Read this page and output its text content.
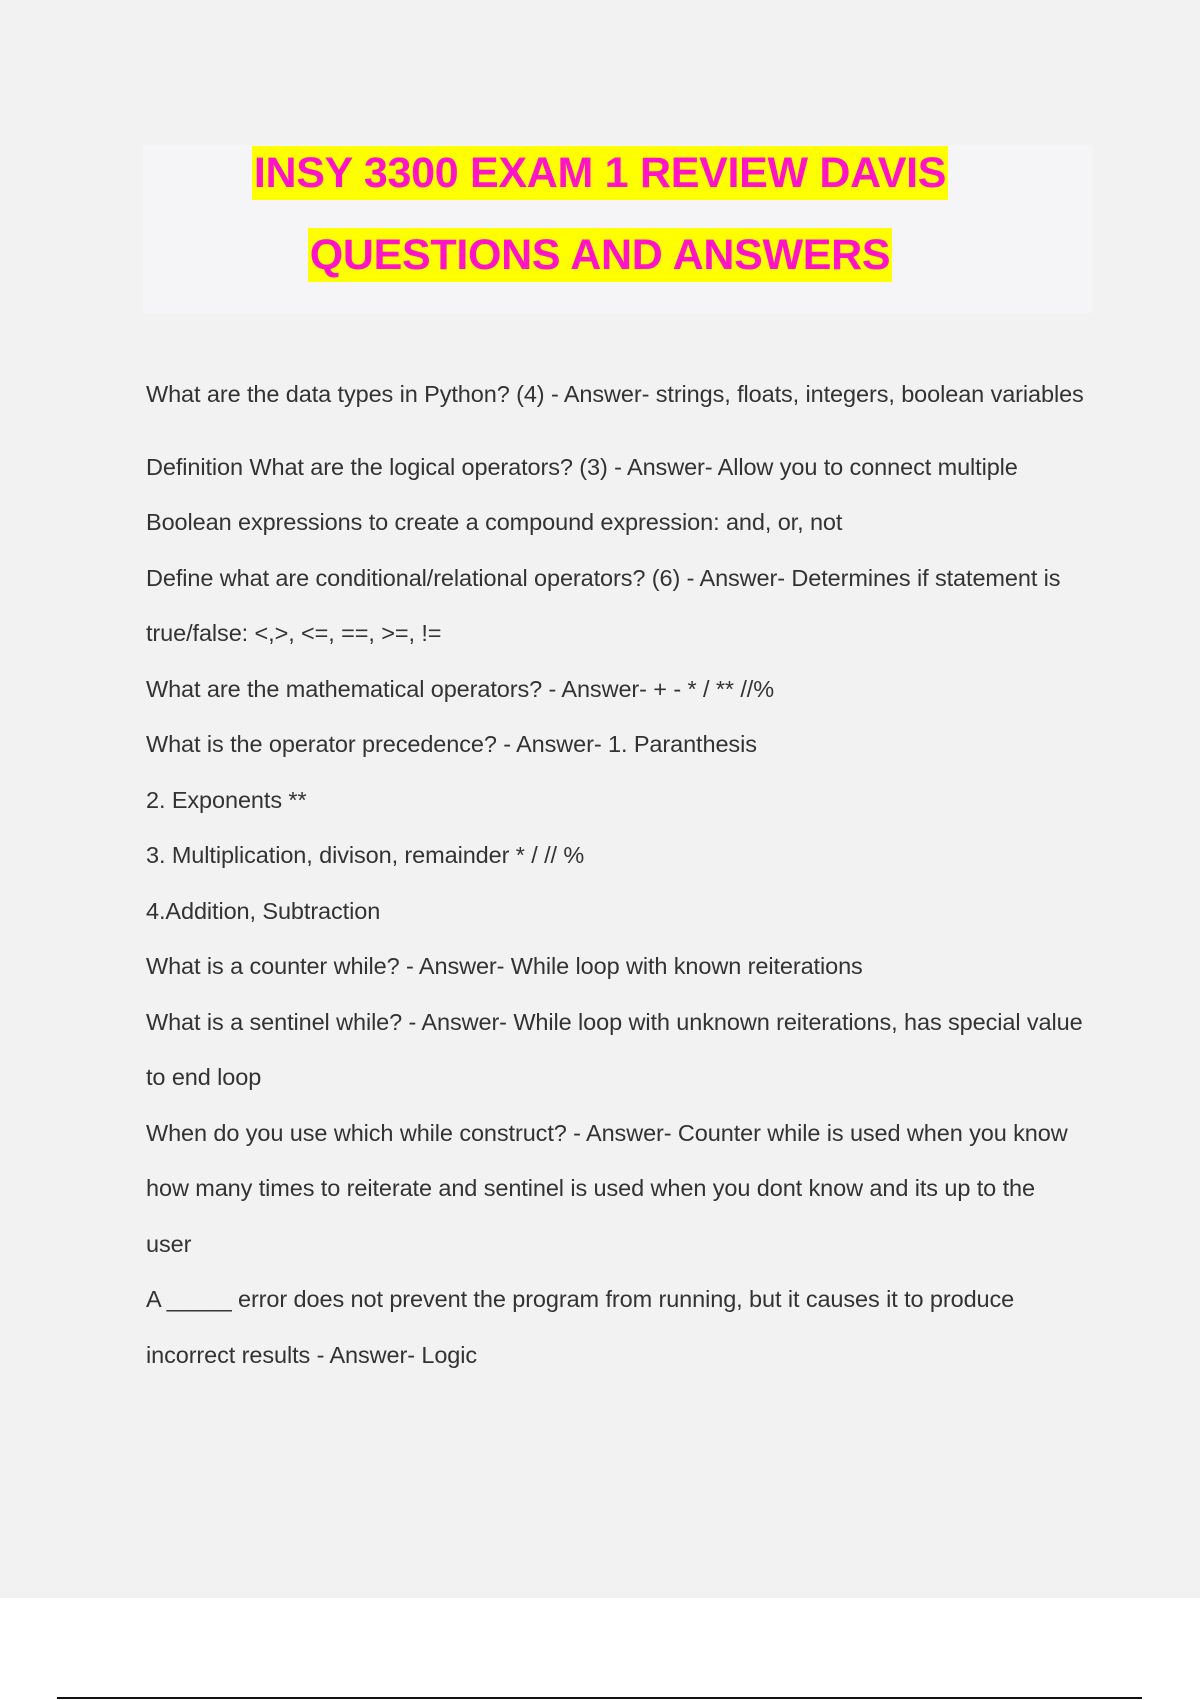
INSY 3300 EXAM 1 REVIEW DAVIS
QUESTIONS AND ANSWERS

What are the data types in Python? (4) - Answer- strings, floats, integers, boolean variables

Definition What are the logical operators? (3) - Answer- Allow you to connect multiple Boolean expressions to create a compound expression: and, or, not

Define what are conditional/relational operators? (6) - Answer- Determines if statement is true/false: <,>, <=, ==, >=, !=

What are the mathematical operators? - Answer- + - * / ** //%

What is the operator precedence? - Answer- 1. Paranthesis

2. Exponents **

3. Multiplication, divison, remainder * / // %

4.Addition, Subtraction

What is a counter while? - Answer- While loop with known reiterations

What is a sentinel while? - Answer- While loop with unknown reiterations, has special value to end loop

When do you use which while construct? - Answer- Counter while is used when you know how many times to reiterate and sentinel is used when you dont know and its up to the user

A _____ error does not prevent the program from running, but it causes it to produce incorrect results - Answer- Logic
